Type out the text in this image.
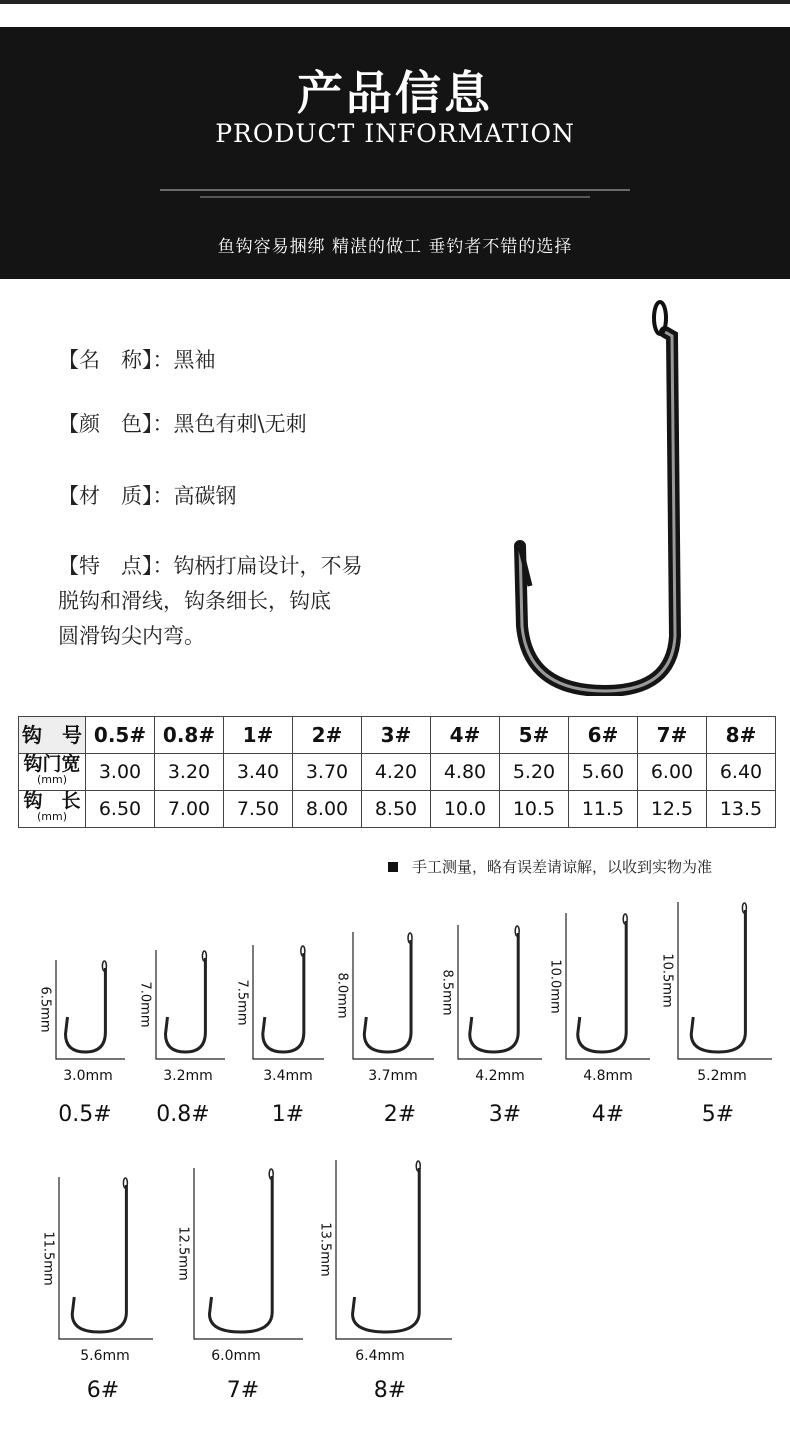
产品信息
PRODUCT INFORMATION
鱼钩容易捆绑 精湛的做工 垂钓者不错的选择
【名　称】：黑袖
【颜　色】：黑色有刺\无刺
【材　质】：高碳钢
【特　点】：钩柄打扁设计，不易
脱钩和滑线，钩条细长，钩底
圆滑钩尖内弯。
钩　号	0.5#	0.8#	1#	2#	3#	4#	5#	6#	7#	8#
钩门宽
(mm)	3.00	3.20	3.40	3.70	4.20	4.80	5.20	5.60	6.00	6.40
钩　长
(mm)	6.50	7.00	7.50	8.00	8.50	10.0	10.5	11.5	12.5	13.5
手工测量，略有误差请谅解，以收到实物为准
6.5mm
3.0mm
0.5#
7.0mm
3.2mm
0.8#
7.5mm
3.4mm
1#
8.0mm
3.7mm
2#
8.5mm
4.2mm
3#
10.0mm
4.8mm
4#
10.5mm
5.2mm
5#
11.5mm
5.6mm
6#
12.5mm
6.0mm
7#
13.5mm
6.4mm
8#
